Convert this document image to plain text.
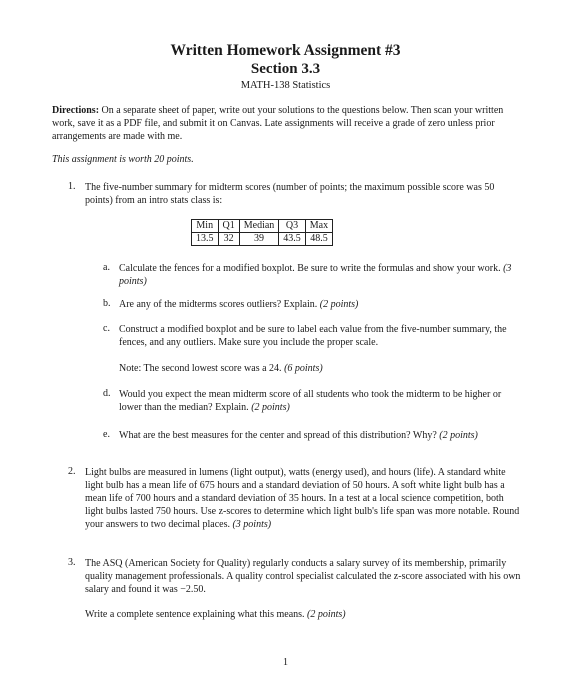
Written Homework Assignment #3
Section 3.3
MATH-138 Statistics
Directions: On a separate sheet of paper, write out your solutions to the questions below. Then scan your written work, save it as a PDF file, and submit it on Canvas. Late assignments will receive a grade of zero unless prior arrangements are made with me.
This assignment is worth 20 points.
1. The five-number summary for midterm scores (number of points; the maximum possible score was 50 points) from an intro stats class is:
Min	Q1	Median	Q3	Max
13.5	32	39	43.5	48.5
a. Calculate the fences for a modified boxplot. Be sure to write the formulas and show your work. (3 points)
b. Are any of the midterms scores outliers? Explain. (2 points)
c. Construct a modified boxplot and be sure to label each value from the five-number summary, the fences, and any outliers. Make sure you include the proper scale.
Note: The second lowest score was a 24. (6 points)
d. Would you expect the mean midterm score of all students who took the midterm to be higher or lower than the median? Explain. (2 points)
e. What are the best measures for the center and spread of this distribution? Why? (2 points)
2. Light bulbs are measured in lumens (light output), watts (energy used), and hours (life). A standard white light bulb has a mean life of 675 hours and a standard deviation of 50 hours. A soft white light bulb has a mean life of 700 hours and a standard deviation of 35 hours. In a test at a local science competition, both light bulbs lasted 750 hours. Use z-scores to determine which light bulb's life span was more notable. Round your answers to two decimal places. (3 points)
3. The ASQ (American Society for Quality) regularly conducts a salary survey of its membership, primarily quality management professionals. A quality control specialist calculated the z-score associated with his own salary and found it was −2.50.
Write a complete sentence explaining what this means. (2 points)
1
